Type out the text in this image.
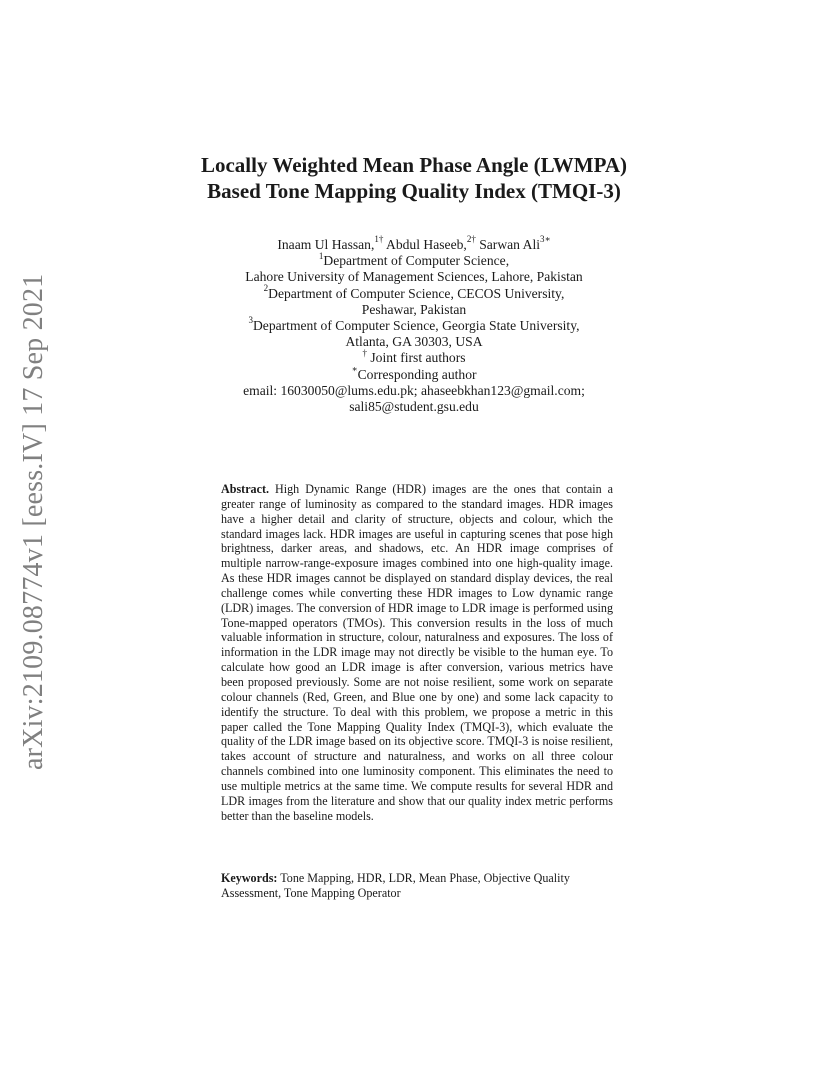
arXiv:2109.08774v1 [eess.IV] 17 Sep 2021
Locally Weighted Mean Phase Angle (LWMPA)
Based Tone Mapping Quality Index (TMQI-3)
Inaam Ul Hassan,$^{1\dagger}$ Abdul Haseeb,$^{2\dagger}$ Sarwan Ali$^{3∗}$
$^1$Department of Computer Science,
Lahore University of Management Sciences, Lahore, Pakistan
$^2$Department of Computer Science, CECOS University,
Peshawar, Pakistan
$^3$Department of Computer Science, Georgia State University,
Atlanta, GA 30303, USA
† Joint first authors
∗Corresponding author
email: 16030050@lums.edu.pk; ahaseebkhan123@gmail.com;
sali85@student.gsu.edu
Abstract. High Dynamic Range (HDR) images are the ones that contain a greater range of luminosity as compared to the standard images. HDR images have a higher detail and clarity of structure, objects and colour, which the standard images lack. HDR images are useful in capturing scenes that pose high brightness, darker areas, and shadows, etc. An HDR image comprises of multiple narrow-range-exposure images combined into one high-quality image. As these HDR images cannot be displayed on standard display devices, the real challenge comes while converting these HDR images to Low dynamic range (LDR) images. The conversion of HDR image to LDR image is performed using Tone-mapped operators (TMOs). This conversion results in the loss of much valuable information in structure, colour, naturalness and exposures. The loss of information in the LDR image may not directly be visible to the human eye. To calculate how good an LDR image is after conversion, various metrics have been proposed previously. Some are not noise resilient, some work on separate colour channels (Red, Green, and Blue one by one) and some lack capacity to identify the structure. To deal with this problem, we propose a metric in this paper called the Tone Mapping Quality Index (TMQI-3), which evaluate the quality of the LDR image based on its objective score. TMQI-3 is noise resilient, takes account of structure and naturalness, and works on all three colour channels combined into one luminosity component. This eliminates the need to use multiple metrics at the same time. We compute results for several HDR and LDR images from the literature and show that our quality index metric performs better than the baseline models.
Keywords: Tone Mapping, HDR, LDR, Mean Phase, Objective Quality Assessment, Tone Mapping Operator
